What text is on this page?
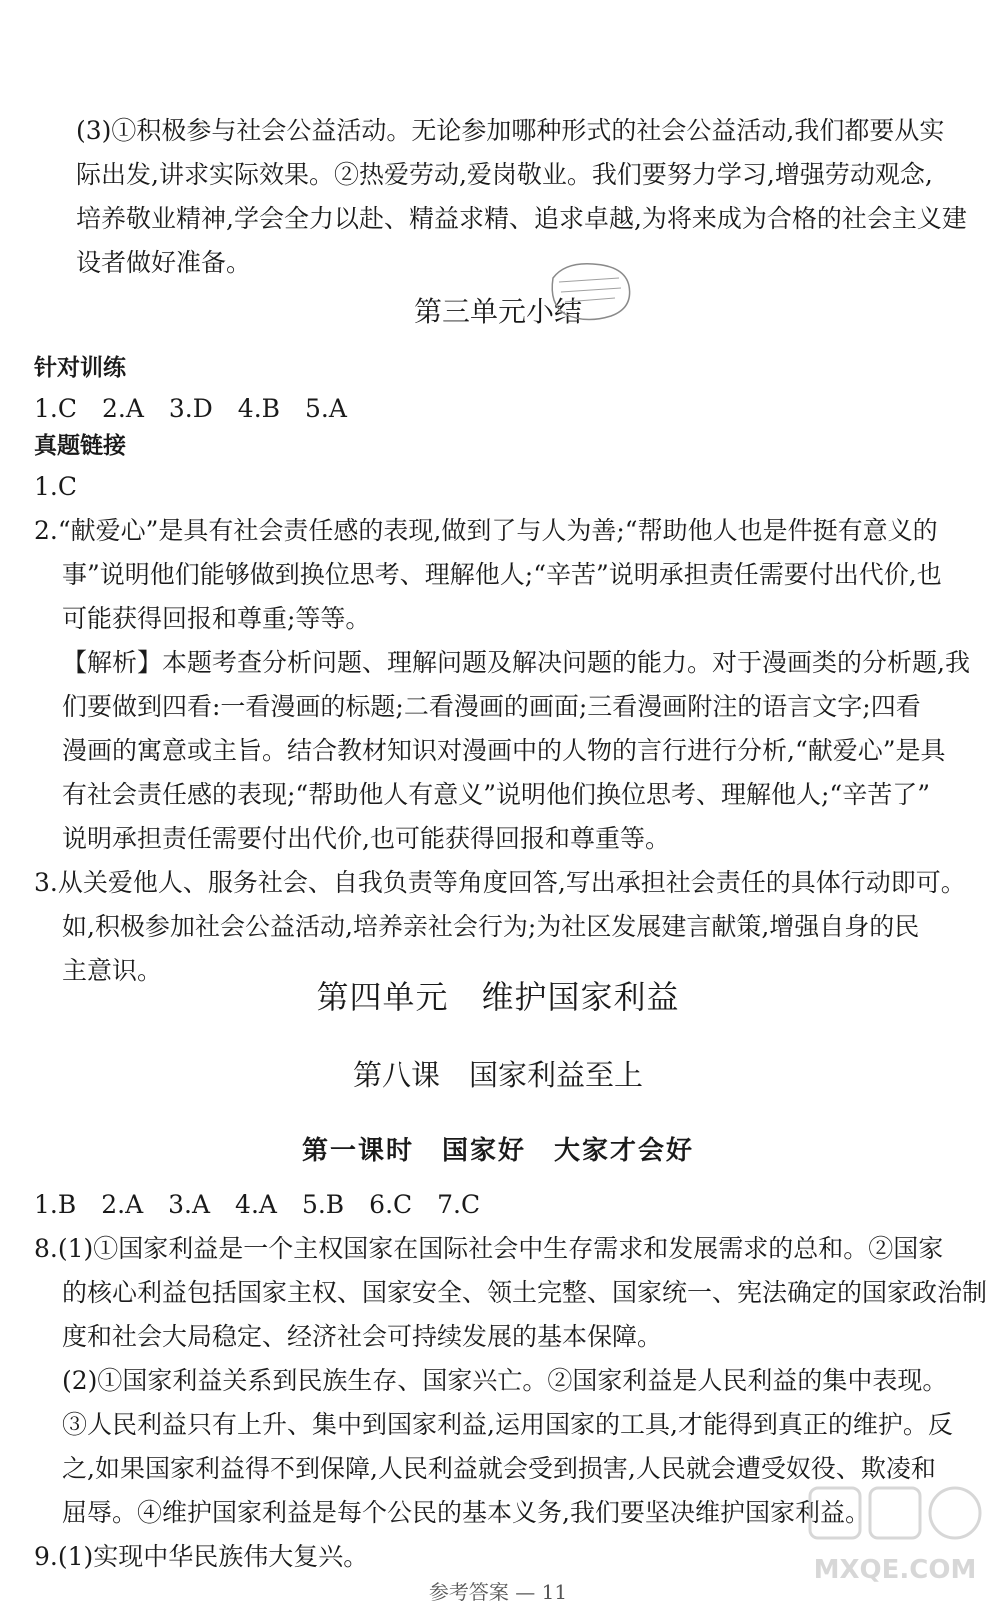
(3)①积极参与社会公益活动。无论参加哪种形式的社会公益活动,我们都要从实
际出发,讲求实际效果。②热爱劳动,爱岗敬业。我们要努力学习,增强劳动观念,
培养敬业精神,学会全力以赴、精益求精、追求卓越,为将来成为合格的社会主义建
设者做好准备。
第三单元小结
针对训练
1.C　2.A　3.D　4.B　5.A
真题链接
1.C
2.“献爱心”是具有社会责任感的表现,做到了与人为善;“帮助他人也是件挺有意义的
事”说明他们能够做到换位思考、理解他人;“辛苦”说明承担责任需要付出代价,也
可能获得回报和尊重;等等。
【解析】本题考查分析问题、理解问题及解决问题的能力。对于漫画类的分析题,我
们要做到四看:一看漫画的标题;二看漫画的画面;三看漫画附注的语言文字;四看
漫画的寓意或主旨。结合教材知识对漫画中的人物的言行进行分析,“献爱心”是具
有社会责任感的表现;“帮助他人有意义”说明他们换位思考、理解他人;“辛苦了”
说明承担责任需要付出代价,也可能获得回报和尊重等。
3.从关爱他人、服务社会、自我负责等角度回答,写出承担社会责任的具体行动即可。
如,积极参加社会公益活动,培养亲社会行为;为社区发展建言献策,增强自身的民
主意识。
第四单元　维护国家利益
第八课　国家利益至上
第一课时　国家好　大家才会好
1.B　2.A　3.A　4.A　5.B　6.C　7.C
8.(1)①国家利益是一个主权国家在国际社会中生存需求和发展需求的总和。②国家
的核心利益包括国家主权、国家安全、领土完整、国家统一、宪法确定的国家政治制
度和社会大局稳定、经济社会可持续发展的基本保障。
(2)①国家利益关系到民族生存、国家兴亡。②国家利益是人民利益的集中表现。
③人民利益只有上升、集中到国家利益,运用国家的工具,才能得到真正的维护。反
之,如果国家利益得不到保障,人民利益就会受到损害,人民就会遭受奴役、欺凌和
屈辱。④维护国家利益是每个公民的基本义务,我们要坚决维护国家利益。
9.(1)实现中华民族伟大复兴。
参考答案 — 11
MXQE.COM
